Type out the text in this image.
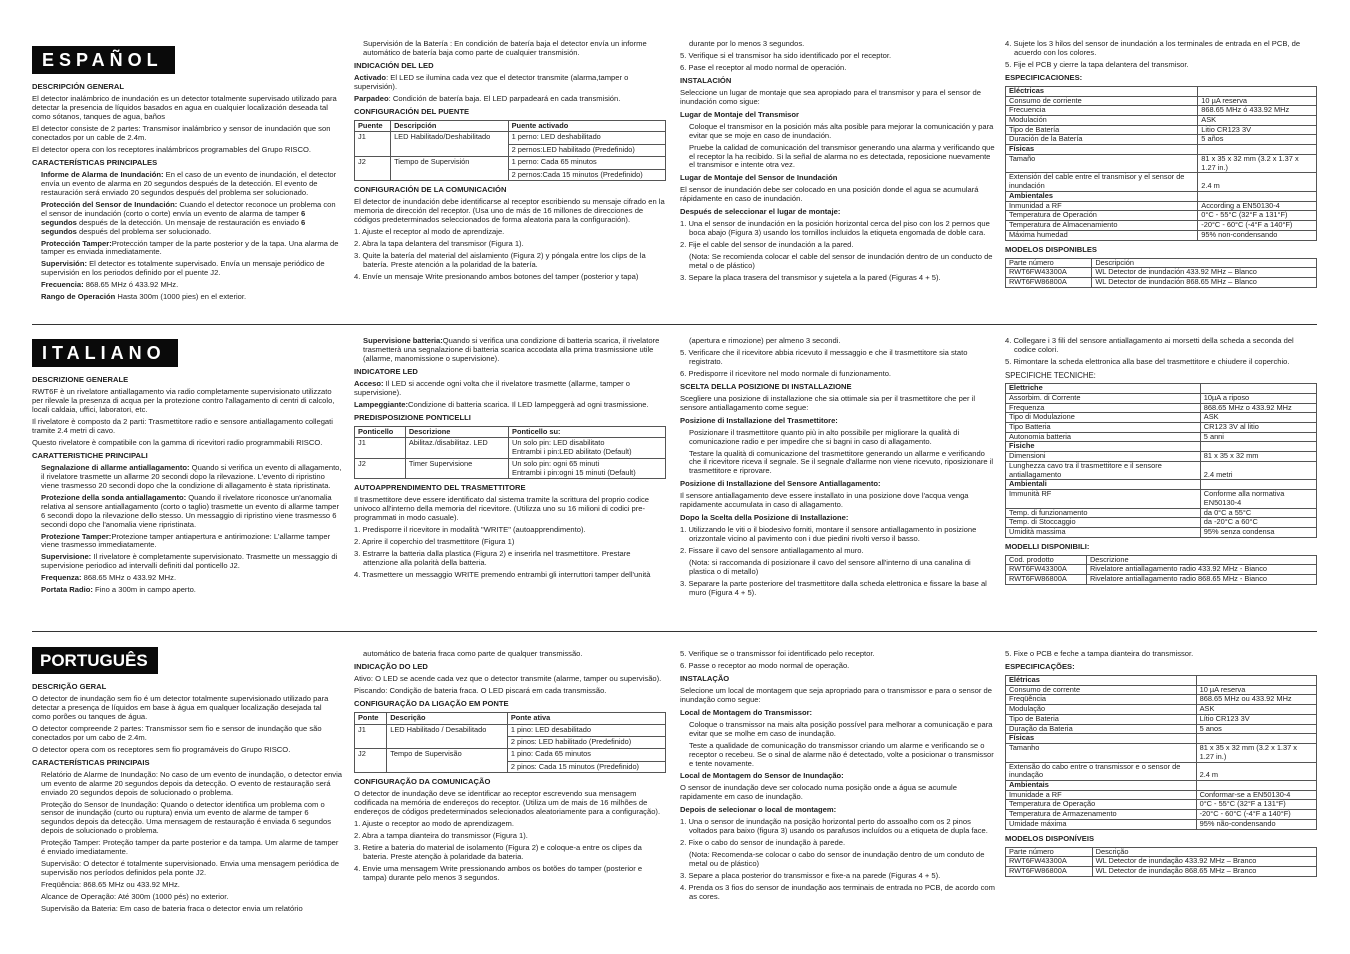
ESPAÑOL
DESCRIPCIÓN GENERAL

El detector inalámbrico de inundación es un detector totalmente supervisado utilizado para detectar la presencia de líquidos basados en agua en cualquier localización deseada tal como sótanos, tanques de agua, baños

El detector consiste de 2 partes: Transmisor inalámbrico y sensor de inundación que son conectados por un cable de 2.4m.

El detector opera con los receptores inalámbricos programables del Grupo RISCO.

CARACTERÍSTICAS PRINCIPALES
• Informe de Alarma de Inundación: En el caso de un evento de inundación, el detector envía un evento de alarma en 20 segundos después de la detección. El evento de restauración será enviado 20 segundos después del problema ser solucionado.
• Protección del Sensor de Inundación: Cuando el detector reconoce un problema con el sensor de inundación (corto o corte) envía un evento de alarma de tamper 6 segundos después de la detección. Un mensaje de restauración es enviado 6 segundos después del problema ser solucionado.
• Protección Tamper:Protección tamper de la parte posterior y de la tapa. Una alarma de tamper es enviada inmediatamente.
• Supervisión: El detector es totalmente supervisado. Envía un mensaje periódico de supervisión en los periodos definido por el puente J2.
• Frecuencia: 868.65 MHz ó 433.92 MHz.
• Rango de Operación Hasta 300m (1000 pies) en el exterior.
• Supervisión de la Batería : En condición de batería baja el detector envía un informe automático de batería baja como parte de cualquier transmisión.
INDICACIÓN DEL LED

Activado: El LED se ilumina cada vez que el detector transmite (alarma,tamper o supervisión).

Parpadeo: Condición de batería baja. El LED parpadeará en cada transmisión.

CONFIGURACIÓN DEL PUENTE
Puente	Descripción	Puente activado
J1	LED Habilitado/Deshabilitado	1 perno: LED deshabilitado
2 pernos:LED habilitado (Predefinido)

J2	Tiempo de Supervisión	1 perno: Cada 65 minutos
2 pernos:Cada 15 minutos (Predefinido)
CONFIGURACIÓN DE LA COMUNICACIÓN

El detector de inundación debe identificarse al receptor escribiendo su mensaje cifrado en la memoria de dirección del receptor. (Usa uno de más de 16 millones de direcciones de códigos predeterminados seleccionados de forma aleatoria para la configuración).

1. Ajuste el receptor al modo de aprendizaje.
2. Abra la tapa delantera del transmisor (Figura 1).
3. Quite la batería del material del aislamiento (Figura 2) y póngala entre los clips de la batería. Preste atención a la polaridad de la batería.
4. Envíe un mensaje Write presionando ambos botones del tamper (posterior y tapa)

durante por lo menos 3 segundos.

5. Verifique si el transmisor ha sido identificado por el receptor.
6. Pase el receptor al modo normal de operación.
INSTALACIÓN

Seleccione un lugar de montaje que sea apropiado para el transmisor y para el sensor de inundación como sigue:

Lugar de Montaje del Transmisor
• Coloque el transmisor en la posición más alta posible para mejorar la comunicación y para evitar que se moje en caso de inundación.
• Pruebe la calidad de comunicación del transmisor generando una alarma y verificando que el receptor la ha recibido. Si la señal de alarma no es detectada, reposicione nuevamente el transmisor e intente otra vez.
Lugar de Montaje del Sensor de Inundación

El sensor de inundación debe ser colocado en una posición donde el agua se acumulará rápidamente en caso de inundación.

Después de seleccionar el lugar de montaje:
1. Una el sensor de inundación en la posición horizontal cerca del piso con los 2 pernos que boca abajo (Figura 3) usando los tornillos incluidos la etiqueta engomada de doble cara.
2. Fije el cable del sensor de inundación a la pared.
(Nota: Se recomienda colocar el cable del sensor de inundación dentro de un conducto de metal o de plástico)
3. Separe la placa trasera del transmisor y sujetela a la pared (Figuras 4 + 5).
4. Sujete los 3 hilos del sensor de inundación a los terminales de entrada en el PCB, de acuerdo con los colores.
5. Fije el PCB y cierre la tapa delantera del transmisor.
ESPECIFICACIONES:
Eléctricas	
Consumo de corriente	10 µA reserva
Frecuencia	868.65 MHz ó 433.92 MHz
Modulación	ASK
Tipo de Batería	Litio CR123 3V
Duración de la Batería	5 años
Físicas	
Tamaño	81 x 35 x 32 mm (3.2 x 1.37 x 1.27 in.)
Extensión del cable entre el transmisor y el sensor de inundación	2.4 m
Ambientales	
Inmunidad a RF	According a EN50130-4
Temperatura de Operación	0°C - 55°C (32°F a 131°F)
Temperatura de Almacenamiento	-20°C - 60°C (-4°F a 140°F)
Máxima humedad	95% non-condensando
MODELOS DISPONIBLES
Parte número	Descripción
RWT6FW43300A	WL Detector de inundación 433.92 MHz – Blanco
RWT6FW86800A	WL Detector de inundación 868.65 MHz – Blanco
ITALIANO
DESCRIZIONE GENERALE

RWT6F è un rivelatore antiallagamento via radio completamente supervisionato utilizzato per rilevale la presenza di acqua per la protezione contro l'allagamento di centri di calcolo, locali caldaia, uffici, laboratori, etc.

Il rivelatore è composto da 2 parti: Trasmettitore radio e sensore antiallagamento collegati tramite 2.4 metri di cavo.

Questo rivelatore è compatibile con la gamma di ricevitori radio programmabili RISCO.

CARATTERISTICHE PRINCIPALI
• Segnalazione di allarme antiallagamento: Quando si verifica un evento di allagamento, il rivelatore trasmette un allarme 20 secondi dopo la rilevazione. L'evento di ripristino viene trasmesso 20 secondi dopo che la condizione di allagamento è stata ripristinata.
• Protezione della sonda antiallagamento: Quando il rivelatore riconosce un'anomalia relativa al sensore antiallagamento (corto o taglio) trasmette un evento di allarme tamper 6 secondi dopo la rilevazione dello stesso. Un messaggio di ripristino viene trasmesso 6 secondi dopo che l'anomalia viene ripristinata.
• Protezione Tamper:Protezione tamper antiapertura e antirimozione: L'allarme tamper viene trasmesso immediatamente.
• Supervisione: Il rivelatore è completamente supervisionato. Trasmette un messaggio di supervisione periodico ad intervalli definiti dal ponticello J2.
• Frequenza: 868.65 MHz o 433.92 MHz.
• Portata Radio: Fino a 300m in campo aperto.
• Supervisione batteria:Quando si verifica una condizione di batteria scarica, il rivelatore trasmetterà una segnalazione di batteria scarica accodata alla prima trasmissione utile (allarme, manomissione o supervisione).
INDICATORE LED

Acceso: Il LED si accende ogni volta che il rivelatore trasmette (allarme, tamper o supervisione).

Lampeggiante:Condizione di batteria scarica. Il LED lampeggerà ad ogni trasmissione.

PREDISPOSIZIONE PONTICELLI
Ponticello	Descrizione	Ponticello su:
J1	Abilitaz./disabilitaz. LED	Un solo pin: LED disabilitato
Entrambi i pin:LED abilitato (Default)
J2	Timer Supervisione	Un solo pin: ogni 65 minuti
Entrambi i pin:ogni 15 minuti (Default)
AUTOAPPRENDIMENTO DEL TRASMETTITORE

Il trasmettitore deve essere identificato dal sistema tramite la scrittura del proprio codice univoco all'interno della memoria del ricevitore. (Utilizza uno su 16 milioni di codici pre-programmati in modo casuale).

1. Predisporre il ricevitore in modalità "WRITE" (autoapprendimento).
2. Aprire il coperchio del trasmettitore (Figura 1)
3. Estrarre la batteria dalla plastica (Figura 2) e inserirla nel trasmettitore. Prestare attenzione alla polarità della batteria.
4. Trasmettere un messaggio WRITE premendo entrambi gli interruttori tamper dell'unità

(apertura e rimozione) per almeno 3 secondi.

5. Verificare che il ricevitore abbia ricevuto il messaggio e che il trasmettitore sia stato registrato.
6. Predisporre il ricevitore nel modo normale di funzionamento.
SCELTA DELLA POSIZIONE DI INSTALLAZIONE

Scegliere una posizione di installazione che sia ottimale sia per il trasmettitore che per il sensore antiallagamento come segue:

Posizione di Installazione del Trasmettitore:
• Posizionare il trasmettitore quanto più in alto possibile per migliorare la qualità di comunicazione radio e per impedire che si bagni in caso di allagamento.
• Testare la qualità di comunicazione del trasmettitore generando un allarme e verificando che il ricevitore riceva il segnale. Se il segnale d'allarme non viene ricevuto, riposizionare il trasmettitore e riprovare.
Posizione di Installazione del Sensore Antiallagamento:

Il sensore antiallagamento deve essere installato in una posizione dove l'acqua venga rapidamente accumulata in caso di allagamento.

Dopo la Scelta della Posizione di Installazione:
1. Utilizzando le viti o il biodesivo forniti, montare il sensore antiallagamento in posizione orizzontale vicino al pavimento con i due piedini rivolti verso il basso.
2. Fissare il cavo del sensore antiallagamento al muro.
(Nota: si raccomanda di posizionare il cavo del sensore all'interno di una canalina di plastica o di metallo)
3. Separare la parte posteriore del trasmettitore dalla scheda elettronica e fissare la base al muro (Figura 4 + 5).
4. Collegare i 3 fili del sensore antiallagamento ai morsetti della scheda a seconda del codice colori.
5. Rimontare la scheda elettronica alla base del trasmettitore e chiudere il coperchio.
SPECIFICHE TECNICHE:
Elettriche	
Assorbim. di Corrente	10µA a riposo
Frequenza	868.65 MHz o 433.92 MHz
Tipo di Modulazione	ASK
Tipo Batteria	CR123 3V al litio
Autonomia batteria	5 anni
Fisiche	
Dimensioni	81 x 35 x 32 mm
Lunghezza cavo tra il trasmettitore e il sensore antiallagamento	2.4 metri
Ambientali	
Immunità RF	Conforme alla normativa EN50130-4
Temp. di funzionamento	da 0°C a 55°C
Temp. di Stoccaggio	da -20°C a 60°C
Umidità massima	95% senza condensa
MODELLI DISPONIBILI:
Cod. prodotto	Descrizione
RWT6FW43300A	Rivelatore antiallagamento radio 433.92 MHz - Bianco
RWT6FW86800A	Rivelatore antiallagamento radio 868.65 MHz - Bianco
PORTUGUÊS
DESCRIÇÃO GERAL

O detector de inundação sem fio é um detector totalmente supervisionado utilizado para detectar a presença de líquidos em base à água em qualquer localização desejada tal como porões ou tanques de água.

O detector compreende 2 partes: Transmissor sem fio e sensor de inundação que são conectados por um cabo de 2.4m.

O detector opera com os receptores sem fio programáveis do Grupo RISCO.

CARACTERÍSTICAS PRINCIPAIS
• Relatório de Alarme de Inundação: No caso de um evento de inundação, o detector envia um evento de alarme 20 segundos depois da detecção. O evento de restauração será enviado 20 segundos depois de solucionado o problema.
• Proteção do Sensor de Inundação: Quando o detector identifica um problema com o sensor de inundação (curto ou ruptura) envia um evento de alarme de tamper 6 segundos depois da detecção. Uma mensagem de restauração é enviada 6 segundos depois de solucionado o problema.
• Proteção Tamper: Proteção tamper da parte posterior e da tampa. Um alarme de tamper é enviado imediatamente.
• Supervisão: O detector é totalmente supervisionado. Envia uma mensagem periódica de supervisão nos períodos definidos pela ponte J2.
• Freqüência: 868.65 MHz ou 433.92 MHz.
• Alcance de Operação: Até 300m (1000 pés) no exterior.
• Supervisão da Bateria: Em caso de bateria fraca o detector envia um relatório

automático de bateria fraca como parte de qualquer transmissão.

INDICAÇÃO DO LED

Ativo: O LED se acende cada vez que o detector transmite (alarme, tamper ou supervisão).

Piscando: Condição de bateria fraca. O LED piscará em cada transmissão.

CONFIGURAÇÃO DA LIGAÇÃO EM PONTE
Ponte	Descrição	Ponte ativa
J1	LED Habilitado / Desabilitado	1 pino: LED desabilitado
2 pinos: LED habilitado (Predefinido)

J2	Tempo de Supervisão	1 pino: Cada 65 minutos
2 pinos: Cada 15 minutos (Predefinido)
CONFIGURAÇÃO DA COMUNICAÇÃO

O detector de inundação deve se identificar ao receptor escrevendo sua mensagem codificada na memória de endereços do receptor. (Utiliza um de mais de 16 milhões de endereços de códigos predeterminados selecionados aleatoriamente para a configuração).

1. Ajuste o receptor ao modo de aprendizagem.
2. Abra a tampa dianteira do transmissor (Figura 1).
3. Retire a bateria do material de isolamento (Figura 2) e coloque-a entre os clipes da bateria. Preste atenção à polaridade da bateria.
4. Envie uma mensagem Write pressionando ambos os botões do tamper (posterior e tampa) durante pelo menos 3 segundos.
5. Verifique se o transmissor foi identificado pelo receptor.
6. Passe o receptor ao modo normal de operação.
INSTALAÇÃO

Selecione um local de montagem que seja apropriado para o transmissor e para o sensor de inundação como segue:

Local de Montagem do Transmissor:
• Coloque o transmissor na mais alta posição possível para melhorar a comunicação e para evitar que se molhe em caso de inundação.
• Teste a qualidade de comunicação do transmissor criando um alarme e verificando se o receptor o recebeu. Se o sinal de alarme não é detectado, volte a posicionar o transmissor e tente novamente.
Local de Montagem do Sensor de Inundação:

O sensor de inundação deve ser colocado numa posição onde a água se acumule rapidamente em caso de inundação.

Depois de selecionar o local de montagem:
1. Una o sensor de inundação na posição horizontal perto do assoalho com os 2 pinos voltados para baixo (figura 3) usando os parafusos incluídos ou a etiqueta de dupla face.
2. Fixe o cabo do sensor de inundação à parede.
(Nota: Recomenda-se colocar o cabo do sensor de inundação dentro de um conduto de metal ou de plástico)
3. Separe a placa posterior do transmissor e fixe-a na parede (Figuras 4 + 5).
4. Prenda os 3 fios do sensor de inundação aos terminais de entrada no PCB, de acordo com as cores.
5. Fixe o PCB e feche a tampa dianteira do transmissor.
ESPECIFICAÇÕES:
Elétricas	
Consumo de corrente	10 µA reserva
Freqüência	868.65 MHz ou 433.92 MHz
Modulação	ASK
Tipo de Bateria	Lítio CR123 3V
Duração da Bateria	5 anos
Físicas	
Tamanho	81 x 35 x 32 mm (3.2 x 1.37 x 1.27 in.)
Extensão do cabo entre o transmissor e o sensor de inundação	2.4 m
Ambientais	
Imunidade a RF	Conformar-se a EN50130-4
Temperatura de Operação	0°C - 55°C (32°F a 131°F)
Temperatura de Armazenamento	-20°C - 60°C (-4°F a 140°F)
Umidade máxima	95% não-condensando
MODELOS DISPONÍVEIS
Parte número	Descrição
RWT6FW43300A	WL Detector de inundação 433.92 MHz – Branco
RWT6FW86800A	WL Detector de inundação 868.65 MHz – Branco
